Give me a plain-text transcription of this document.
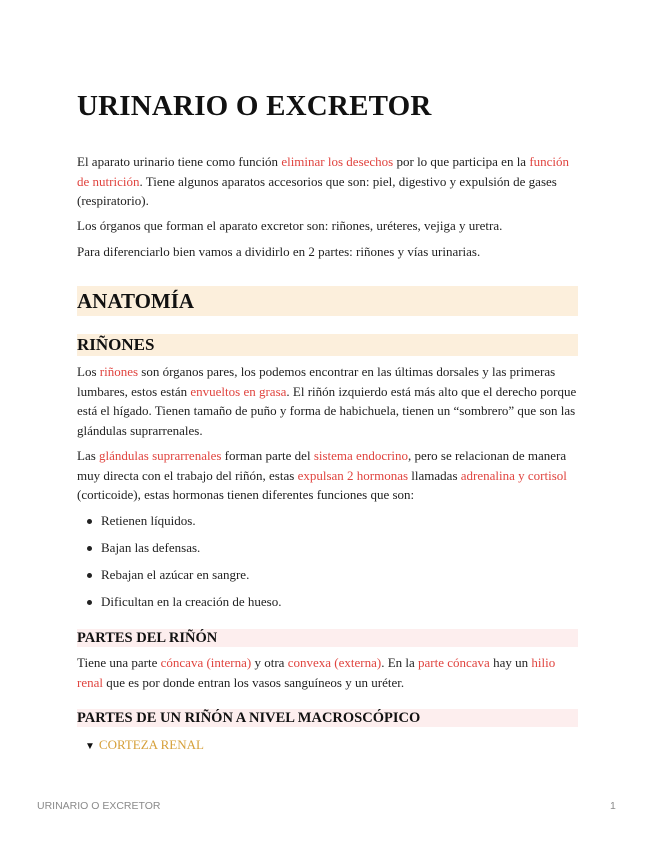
URINARIO O EXCRETOR

El aparato urinario tiene como función eliminar los desechos por lo que participa en la función de nutrición. Tiene algunos aparatos accesorios que son: piel, digestivo y expulsión de gases (respiratorio).

Los órganos que forman el aparato excretor son: riñones, uréteres, vejiga y uretra.

Para diferenciarlo bien vamos a dividirlo en 2 partes: riñones y vías urinarias.

ANATOMÍA
RIÑONES

Los riñones son órganos pares, los podemos encontrar en las últimas dorsales y las primeras lumbares, estos están envueltos en grasa. El riñón izquierdo está más alto que el derecho porque está el hígado. Tienen tamaño de puño y forma de habichuela, tienen un “sombrero” que son las glándulas suprarrenales.

Las glándulas suprarrenales forman parte del sistema endocrino, pero se relacionan de manera muy directa con el trabajo del riñón, estas expulsan 2 hormonas llamadas adrenalina y cortisol (corticoide), estas hormonas tienen diferentes funciones que son:

Retienen líquidos.
Bajan las defensas.
Rebajan el azúcar en sangre.
Dificultan en la creación de hueso.
PARTES DEL RIÑÓN

Tiene una parte cóncava (interna) y otra convexa (externa). En la parte cóncava hay un hilio renal que es por donde entran los vasos sanguíneos y un uréter.

PARTES DE UN RIÑÓN A NIVEL MACROSCÓPICO
▼ CORTEZA RENAL
URINARIO O EXCRETOR	1
